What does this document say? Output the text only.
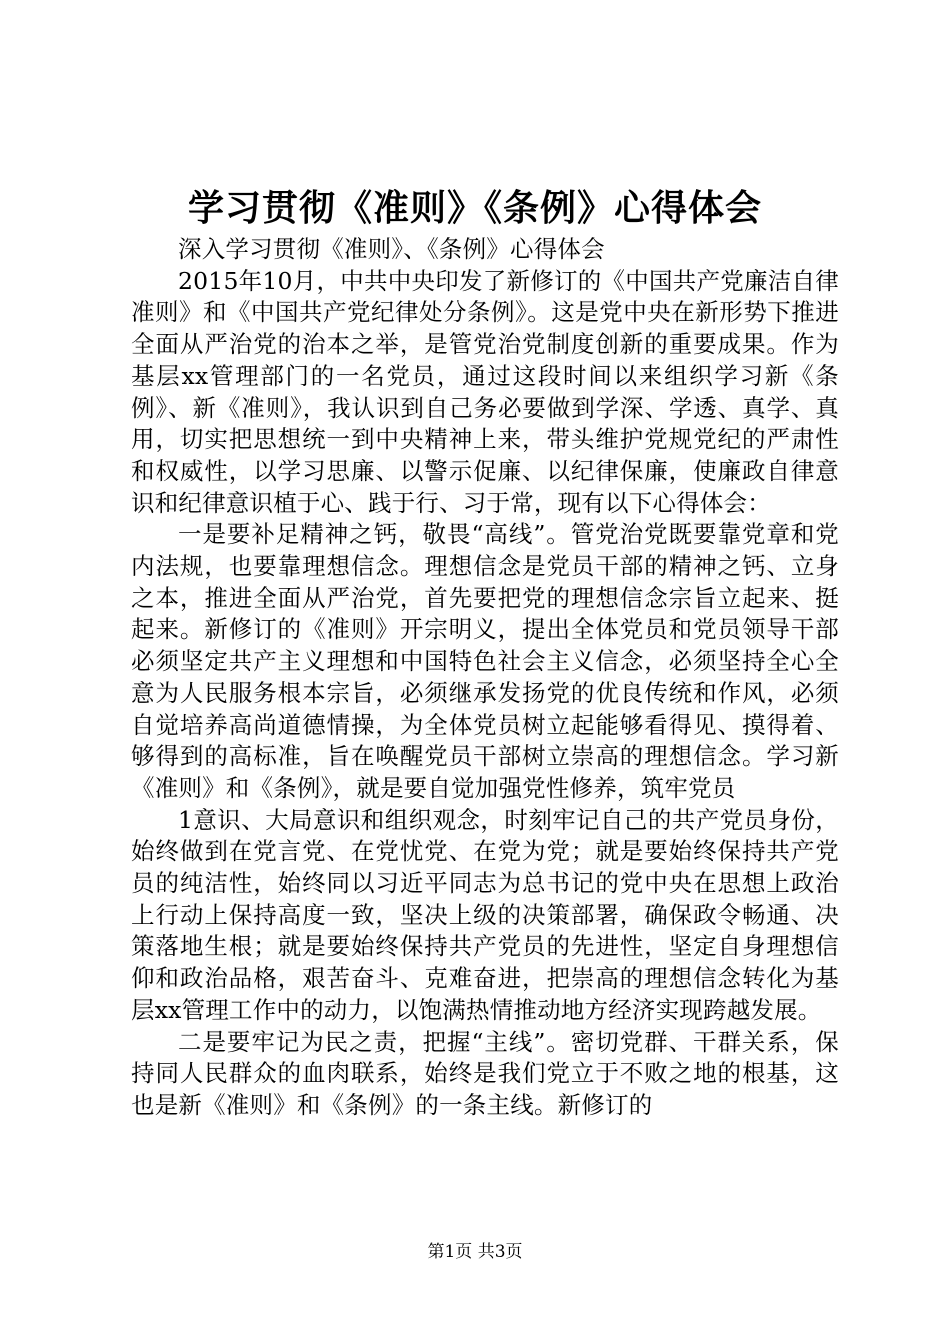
学习贯彻《准则》《条例》心得体会

深入学习贯彻《准则》、《条例》心得体会

2015年10月，中共中央印发了新修订的《中国共产党廉洁自律准则》和《中国共产党纪律处分条例》。这是党中央在新形势下推进全面从严治党的治本之举，是管党治党制度创新的重要成果。作为基层xx管理部门的一名党员，通过这段时间以来组织学习新《条例》、新《准则》，我认识到自己务必要做到学深、学透、真学、真用，切实把思想统一到中央精神上来，带头维护党规党纪的严肃性和权威性，以学习思廉、以警示促廉、以纪律保廉，使廉政自律意识和纪律意识植于心、践于行、习于常，现有以下心得体会：

一是要补足精神之钙，敬畏“高线”。管党治党既要靠党章和党内法规，也要靠理想信念。理想信念是党员干部的精神之钙、立身之本，推进全面从严治党，首先要把党的理想信念宗旨立起来、挺起来。新修订的《准则》开宗明义，提出全体党员和党员领导干部必须坚定共产主义理想和中国特色社会主义信念，必须坚持全心全意为人民服务根本宗旨，必须继承发扬党的优良传统和作风，必须自觉培养高尚道德情操，为全体党员树立起能够看得见、摸得着、够得到的高标准，旨在唤醒党员干部树立崇高的理想信念。学习新《准则》和《条例》，就是要自觉加强党性修养，筑牢党员

1意识、大局意识和组织观念，时刻牢记自己的共产党员身份，始终做到在党言党、在党忧党、在党为党；就是要始终保持共产党员的纯洁性，始终同以习近平同志为总书记的党中央在思想上政治上行动上保持高度一致，坚决上级的决策部署，确保政令畅通、决策落地生根；就是要始终保持共产党员的先进性，坚定自身理想信仰和政治品格，艰苦奋斗、克难奋进，把崇高的理想信念转化为基层xx管理工作中的动力，以饱满热情推动地方经济实现跨越发展。

二是要牢记为民之责，把握“主线”。密切党群、干群关系，保持同人民群众的血肉联系，始终是我们党立于不败之地的根基，这也是新《准则》和《条例》的一条主线。新修订的

第1页 共3页
